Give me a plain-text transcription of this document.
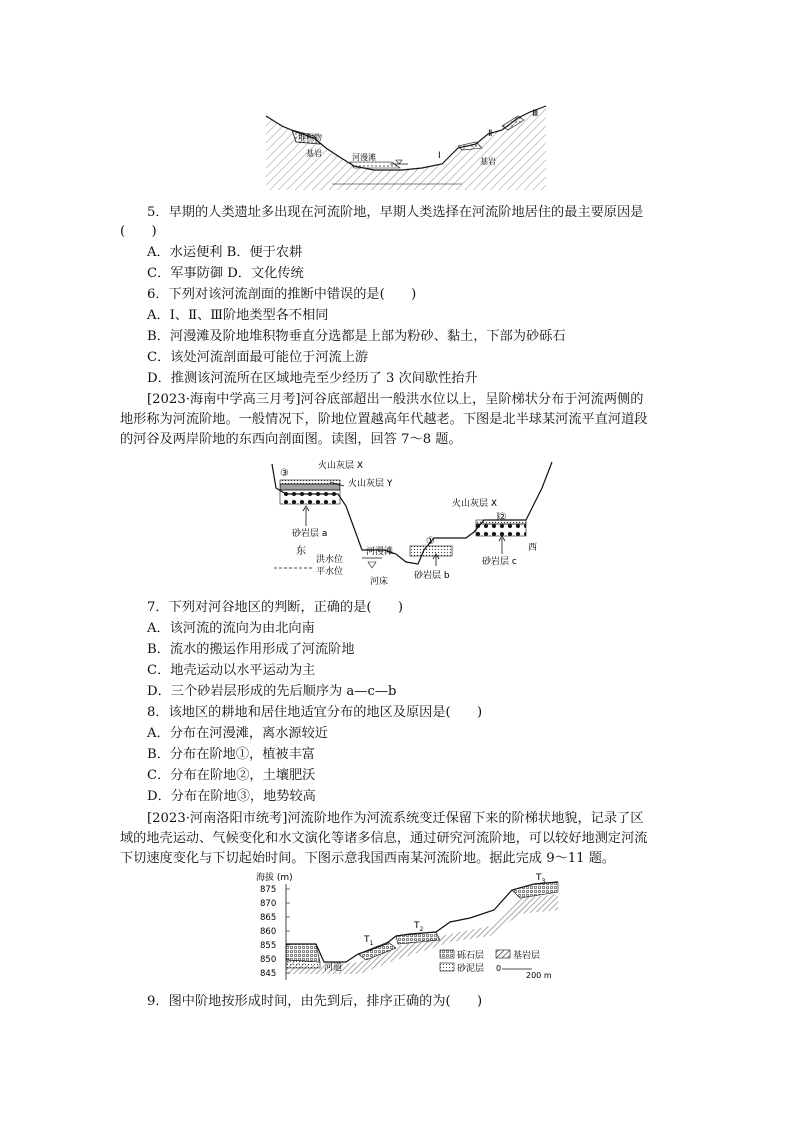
堆积物
基岩	河漫滩	Ⅰ
Ⅱ
Ⅲ
基岩
5．早期的人类遗址多出现在河流阶地，早期人类选择在河流阶地居住的最主要原因是
(　　)
A．水运便利 B．便于农耕
C．军事防御 D．文化传统
6．下列对该河流剖面的推断中错误的是(　　)
A．Ⅰ、Ⅱ、Ⅲ阶地类型各不相同
B．河漫滩及阶地堆积物垂直分选都是上部为粉砂、黏土，下部为砂砾石
C．该处河流剖面最可能位于河流上游
D．推测该河流所在区域地壳至少经历了 3 次间歇性抬升
[2023·海南中学高三月考]河谷底部超出一般洪水位以上，呈阶梯状分布于河流两侧的
地形称为河流阶地。一般情况下，阶地位置越高年代越老。下图是北半球某河流平直河道段
的河谷及两岸阶地的东西向剖面图。读图，回答 7～8 题。
③
火山灰层 X
火山灰层 Y
砂岩层 a
东
洪水位
平水位
河漫滩
河床
①
砂岩层 b
火山灰层 X
②
砂岩层 c
西
7．下列对河谷地区的判断，正确的是(　　)
A．该河流的流向为由北向南
B．流水的搬运作用形成了河流阶地
C．地壳运动以水平运动为主
D．三个砂岩层形成的先后顺序为 a—c—b
8．该地区的耕地和居住地适宜分布的地区及原因是(　　)
A．分布在河漫滩，离水源较近
B．分布在阶地①，植被丰富
C．分布在阶地②，土壤肥沃
D．分布在阶地③，地势较高
[2023·河南洛阳市统考]河流阶地作为河流系统变迁保留下来的阶梯状地貌，记录了区
域的地壳运动、气候变化和水文演化等诸多信息，通过研究河流阶地，可以较好地测定河流
下切速度变化与下切起始时间。下图示意我国西南某河流阶地。据此完成 9～11 题。
海拔 (m)
875
870
865
860
855
850
845
河道
$T_1$
$T_2$
$T_3$
砾石层	基岩层
砂泥层 0
200 m
9．图中阶地按形成时间，由先到后，排序正确的为(　　)
